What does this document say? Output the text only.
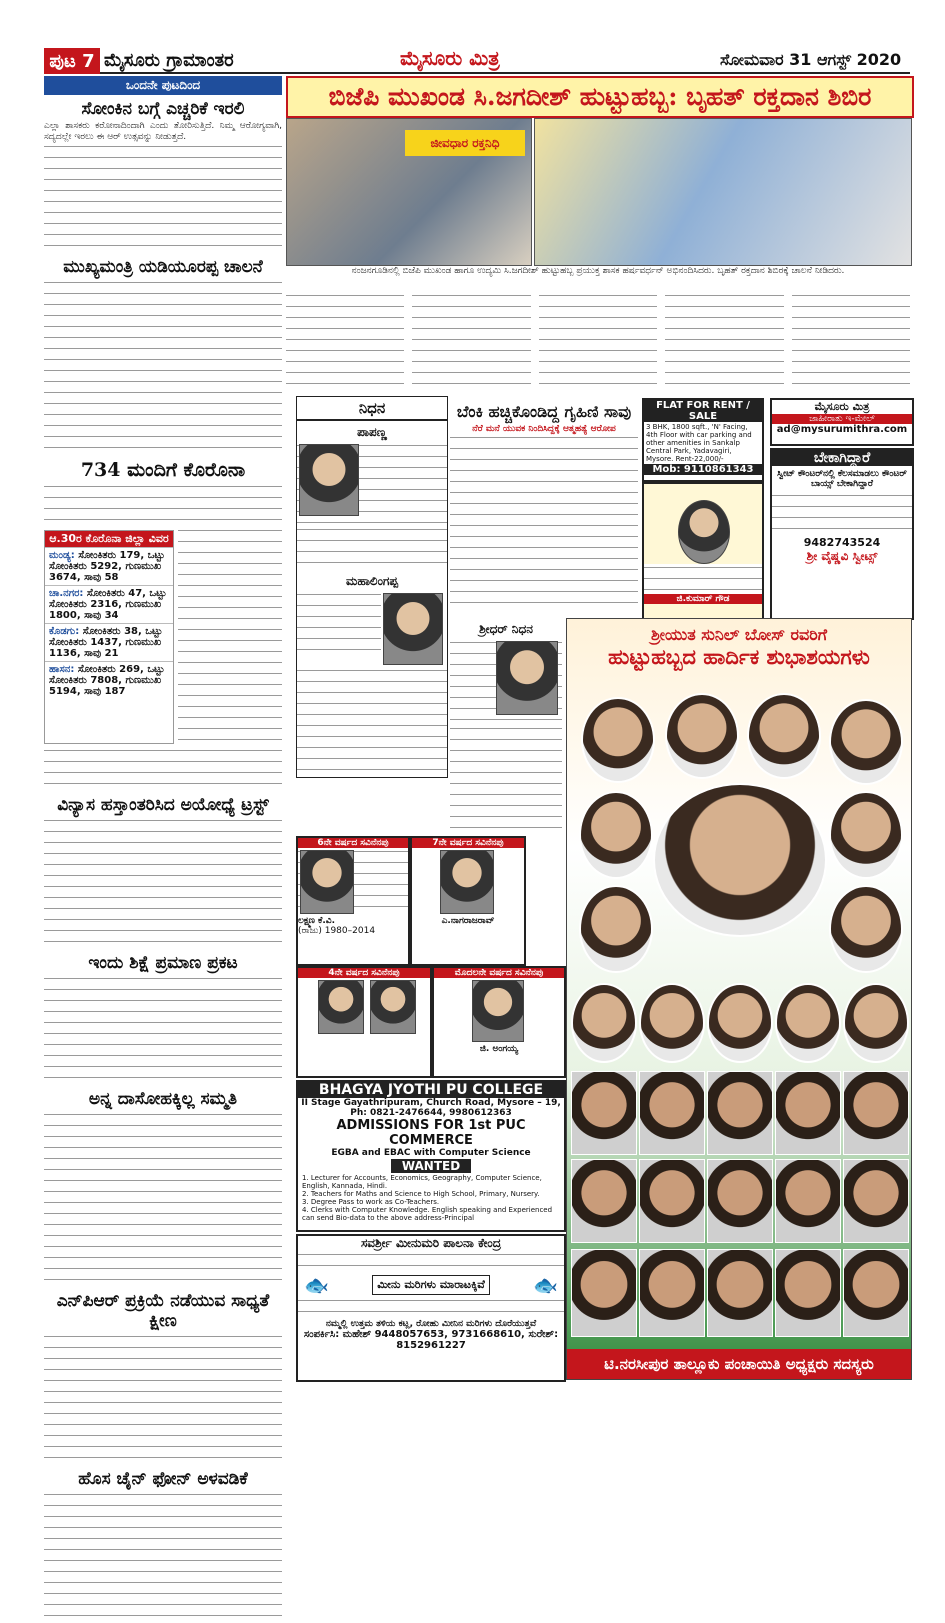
ಪುಟ 7 ಮೈಸೂರು ಗ್ರಾಮಾಂತರ	ಮೈಸೂರು ಮಿತ್ರ	ಸೋಮವಾರ 31 ಆಗಸ್ಟ್ 2020
ಒಂದನೇ ಪುಟದಿಂದ
ಸೋಂಕಿನ ಬಗ್ಗೆ ಎಚ್ಚರಿಕೆ ಇರಲಿ
ಎಲ್ಲಾ ಶಾಸಕರು ಕರೋನಾದಿಂದಾಗಿ ಎಂದು ತೋರಿಸುತ್ತಿದೆ. ನಿಮ್ಮ ಆರೋಗ್ಯವಾಗಿ, ಸದ್ಯದಲ್ಲೇ ಇರಲು ಈ ಆರ್ ಉತ್ಸವನ್ನು ನೀಡುತ್ತದೆ.
ಮುಖ್ಯಮಂತ್ರಿ ಯಡಿಯೂರಪ್ಪ ಚಾಲನೆ
734 ಮಂದಿಗೆ ಕೊರೊನಾ
ಆ.30ರ ಕೊರೊನಾ ಜಿಲ್ಲಾ ವಿವರ
ಮಂಡ್ಯ: ಸೋಂಕಿತರು 179, ಒಟ್ಟು ಸೋಂಕಿತರು 5292, ಗುಣಮುಖ 3674, ಸಾವು 58
ಚಾ.ನಗರ: ಸೋಂಕಿತರು 47, ಒಟ್ಟು ಸೋಂಕಿತರು 2316, ಗುಣಮುಖ 1800, ಸಾವು 34
ಕೊಡಗು: ಸೋಂಕಿತರು 38, ಒಟ್ಟು ಸೋಂಕಿತರು 1437, ಗುಣಮುಖ 1136, ಸಾವು 21
ಹಾಸನ: ಸೋಂಕಿತರು 269, ಒಟ್ಟು ಸೋಂಕಿತರು 7808, ಗುಣಮುಖ 5194, ಸಾವು 187
ವಿನ್ಯಾಸ ಹಸ್ತಾಂತರಿಸಿದ ಅಯೋಧ್ಯೆ ಟ್ರಸ್ಟ್
ಇಂದು ಶಿಕ್ಷೆ ಪ್ರಮಾಣ ಪ್ರಕಟ
ಅನ್ನ ದಾಸೋಹಕ್ಕಿಲ್ಲ ಸಮ್ಮತಿ
ಎನ್‌ಪಿಆರ್ ಪ್ರಕ್ರಿಯೆ ನಡೆಯುವ ಸಾಧ್ಯತೆ ಕ್ಷೀಣ
ಹೊಸ ಚೈನ್ ಫೋನ್ ಅಳವಡಿಕೆ
ಬಿಜೆಪಿ ಮುಖಂಡ ಸಿ.ಜಗದೀಶ್ ಹುಟ್ಟುಹಬ್ಬ: ಬೃಹತ್ ರಕ್ತದಾನ ಶಿಬಿರ
ಜೀವಧಾರ ರಕ್ತನಿಧಿ
ನಂಜನಗೂಡಿನಲ್ಲಿ ಬಿಜೆಪಿ ಮುಖಂಡ ಹಾಗೂ ಉದ್ಯಮಿ ಸಿ.ಜಗದೀಶ್ ಹುಟ್ಟುಹಬ್ಬ ಪ್ರಯುಕ್ತ ಶಾಸಕ ಹರ್ಷವರ್ಧನ್ ಅಭಿನಂದಿಸಿದರು. ಬೃಹತ್ ರಕ್ತದಾನ ಶಿಬಿರಕ್ಕೆ ಚಾಲನೆ ನೀಡಿದರು.
ನಿಧನ
ಪಾಪಣ್ಣ
ಮಹಾಲಿಂಗಪ್ಪ
ಶ್ರೀಧರ್ ನಿಧನ
6ನೇ ವರ್ಷದ ಸವಿನೆನಪು
ಲಕ್ಷ್ಮಣ ಕೆ.ವಿ.
(ರಾಜು) 1980–2014
7ನೇ ವರ್ಷದ ಸವಿನೆನಪು
ಎ.ನಾಗರಾಜರಾವ್
4ನೇ ವರ್ಷದ ಸವಿನೆನಪು	ಮೊದಲನೇ ವರ್ಷದ ಸವಿನೆನಪು
ಜಿ. ಅಂಗಯ್ಯ
ಬೆಂಕಿ ಹಚ್ಚಿಕೊಂಡಿದ್ದ ಗೃಹಿಣಿ ಸಾವು
ನೆರೆ ಮನೆ ಯುವಕ ನಿಂದಿಸಿದ್ದಕ್ಕೆ ಆತ್ಮಹತ್ಯೆ ಆರೋಪ
FLAT FOR RENT / SALE
3 BHK, 1800 sqft., 'N' Facing, 4th Floor with car parking and other amenities in Sankalp Central Park, Yadavagiri, Mysore. Rent-22,000/-
Mob: 9110861343
ಮೈಸೂರು ಮಿತ್ರ
ಜಾಹೀರಾತು ಇ-ಮೇಲ್
ad@mysurumithra.com
ಬೇಕಾಗಿದ್ದಾರೆ
ಸ್ವೀಟ್ ಕೌಂಟರ್‌ನಲ್ಲಿ ಕೆಲಸಮಾಡಲು ಕೌಂಟರ್ ಬಾಯ್ಸ್ ಬೇಕಾಗಿದ್ದಾರೆ
9482743524
ಶ್ರೀ ವೈಷ್ಣವಿ ಸ್ವೀಟ್ಸ್
ಜಿ.ಕುಮಾರ್ ಗೌಡ
ಶ್ರೀಯುತ ಸುನಿಲ್ ಬೋಸ್ ರವರಿಗೆ
ಹುಟ್ಟುಹಬ್ಬದ ಹಾರ್ದಿಕ ಶುಭಾಶಯಗಳು
ಟಿ.ನರಸೀಪುರ ತಾಲ್ಲೂಕು ಪಂಚಾಯಿತಿ ಅಧ್ಯಕ್ಷರು ಸದಸ್ಯರು
BHAGYA JYOTHI PU COLLEGE
II Stage Gayathripuram, Church Road, Mysore – 19,
Ph: 0821-2476644, 9980612363
ADMISSIONS FOR 1st PUC COMMERCE
EGBA and EBAC with Computer Science
WANTED
1. Lecturer for Accounts, Economics, Geography, Computer Science, English, Kannada, Hindi.
2. Teachers for Maths and Science to High School, Primary, Nursery.
3. Degree Pass to work as Co-Teachers.
4. Clerks with Computer Knowledge. English speaking and Experienced can send Bio-data to the above address-Principal
ಸವರ್ಶ್ರೀ ಮೀನುಮರಿ ಪಾಲನಾ ಕೇಂದ್ರ
🐟	ಮೀನು ಮರಿಗಳು ಮಾರಾಟಕ್ಕಿವೆ 🐟
ನಮ್ಮಲ್ಲಿ ಉತ್ತಮ ತಳಿಯ ಕಟ್ಲ, ರೋಹು ಮೀನಿನ ಮರಿಗಳು ದೊರೆಯುತ್ತವೆ
ಸಂಪರ್ಕಿಸಿ: ಮಹೇಶ್ 9448057653, 9731668610, ಸುರೇಶ್: 8152961227
